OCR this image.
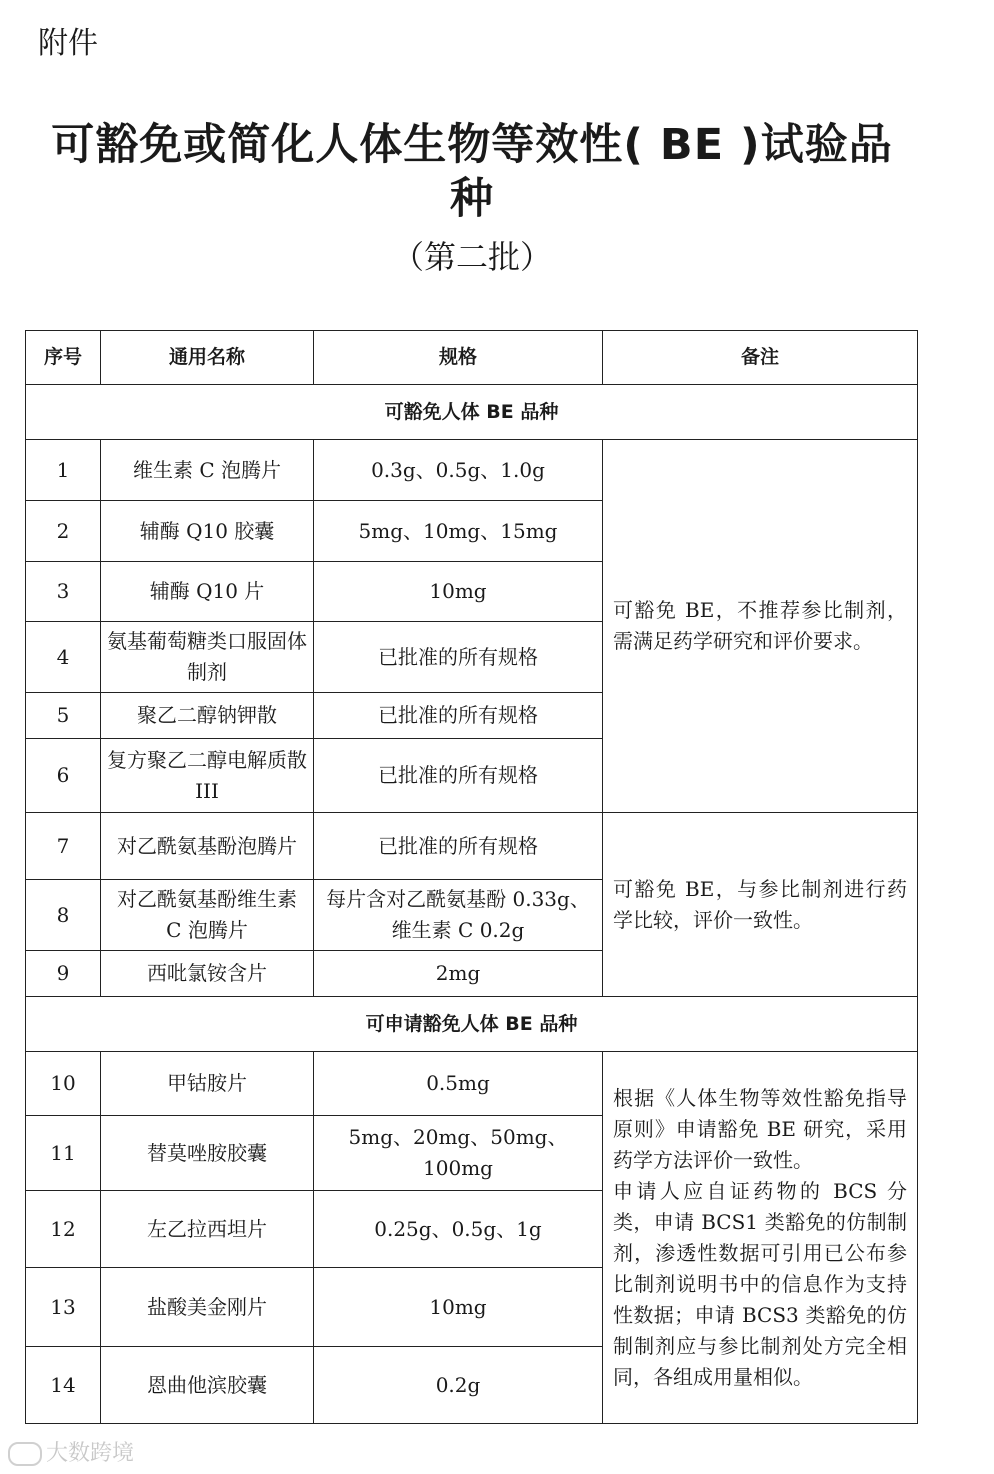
附件
可豁免或简化人体生物等效性( BE )试验品
种
（第二批）
序号	通用名称	规格	备注
可豁免人体 BE 品种			
1	维生素 C 泡腾片	0.3g、0.5g、1.0g	可豁免 BE，不推荐参比制剂，需满足药学研究和评价要求。
2	辅酶 Q10 胶囊	5mg、10mg、15mg	
3	辅酶 Q10 片	10mg	
4	氨基葡萄糖类口服固体制剂	已批准的所有规格	
5	聚乙二醇钠钾散	已批准的所有规格	
6	复方聚乙二醇电解质散III	已批准的所有规格	
7	对乙酰氨基酚泡腾片	已批准的所有规格	可豁免 BE，与参比制剂进行药学比较，评价一致性。
8	对乙酰氨基酚维生素 C 泡腾片	每片含对乙酰氨基酚 0.33g、维生素 C 0.2g	
9	西吡氯铵含片	2mg	
可申请豁免人体 BE 品种			
10	甲钴胺片	0.5mg	根据《人体生物等效性豁免指导原则》申请豁免 BE 研究，采用药学方法评价一致性。

申请人应自证药物的 BCS 分类，申请 BCS1 类豁免的仿制制剂，渗透性数据可引用已公布参比制剂说明书中的信息作为支持性数据；申请 BCS3 类豁免的仿制制剂应与参比制剂处方完全相同，各组成用量相似。

11	替莫唑胺胶囊	5mg、20mg、50mg、100mg	
12	左乙拉西坦片	0.25g、0.5g、1g	
13	盐酸美金刚片	10mg	
14	恩曲他滨胶囊	0.2g	
大数跨境
